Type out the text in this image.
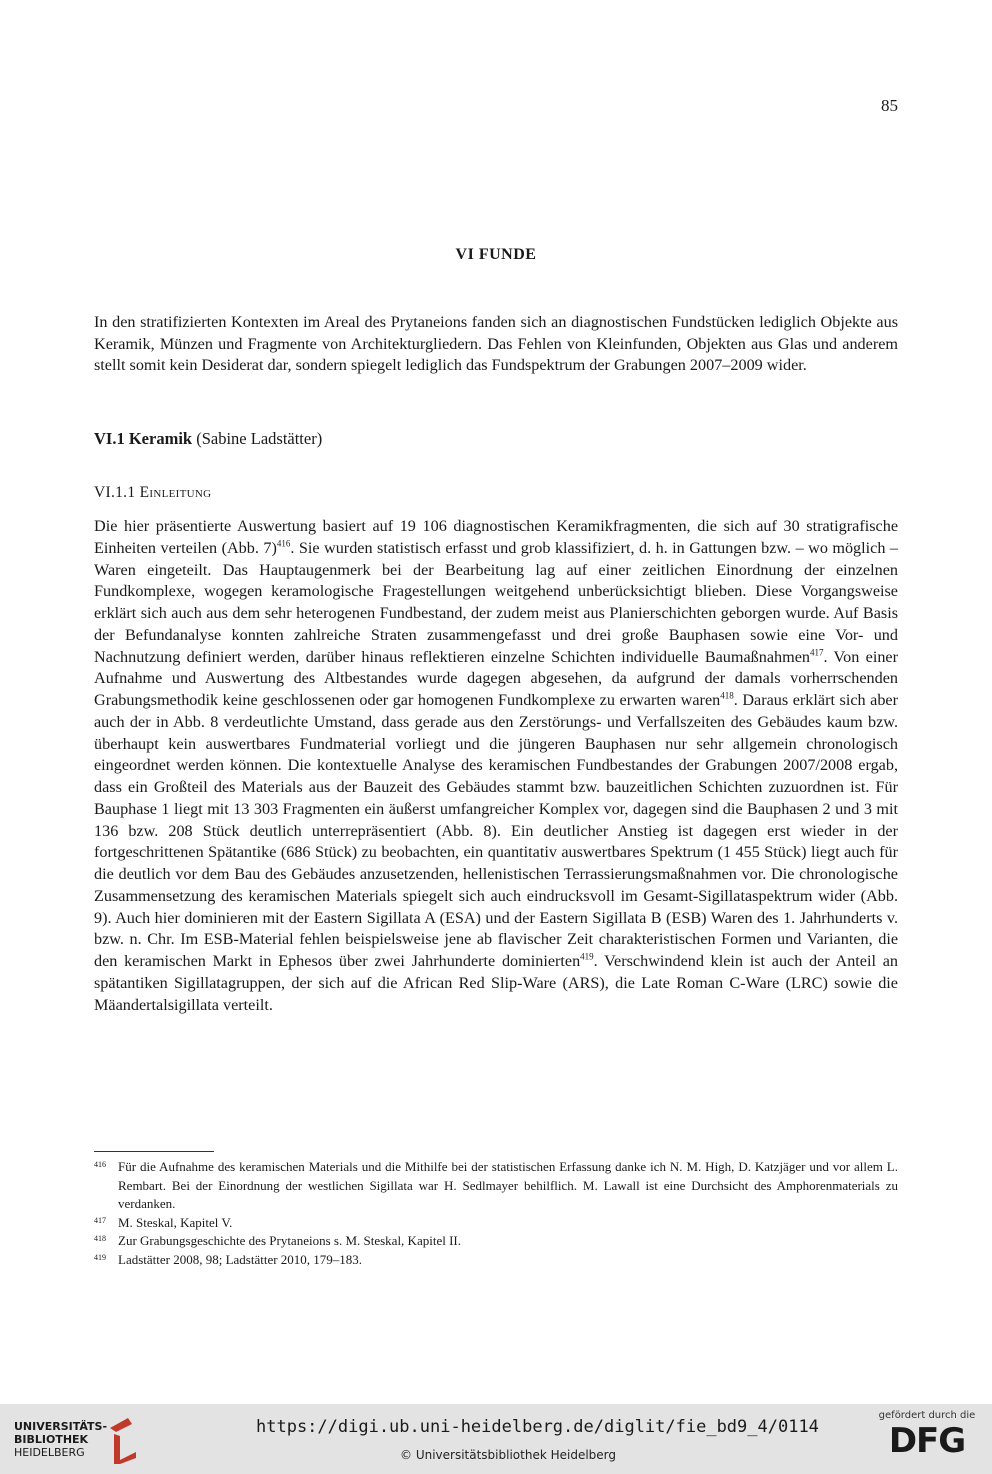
85
VI FUNDE

In den stratifizierten Kontexten im Areal des Prytaneions fanden sich an diagnostischen Fundstücken lediglich Objekte aus Keramik, Münzen und Fragmente von Architekturgliedern. Das Fehlen von Kleinfunden, Objekten aus Glas und anderem stellt somit kein Desiderat dar, sondern spiegelt lediglich das Fundspektrum der Grabungen 2007–2009 wider.

VI.1 Keramik (Sabine Ladstätter)
VI.1.1 Einleitung

Die hier präsentierte Auswertung basiert auf 19 106 diagnostischen Keramikfragmenten, die sich auf 30 stratigrafische Einheiten verteilen (Abb. 7)$^{416}$. Sie wurden statistisch erfasst und grob klassifiziert, d. h. in Gattungen bzw. – wo möglich – Waren eingeteilt. Das Hauptaugenmerk bei der Bearbeitung lag auf einer zeitlichen Einordnung der einzelnen Fundkomplexe, wogegen keramologische Fragestellungen weitgehend unberücksichtigt blieben. Diese Vorgangsweise erklärt sich auch aus dem sehr heterogenen Fundbestand, der zudem meist aus Planierschichten geborgen wurde. Auf Basis der Befundanalyse konnten zahlreiche Straten zusammengefasst und drei große Bauphasen sowie eine Vor- und Nachnutzung definiert werden, darüber hinaus reflektieren einzelne Schichten individuelle Baumaßnahmen$^{417}$. Von einer Aufnahme und Auswertung des Altbestandes wurde dagegen abgesehen, da aufgrund der damals vorherrschenden Grabungsmethodik keine geschlossenen oder gar homogenen Fundkomplexe zu erwarten waren$^{418}$. Daraus erklärt sich aber auch der in Abb. 8 verdeutlichte Umstand, dass gerade aus den Zerstörungs- und Verfallszeiten des Gebäudes kaum bzw. überhaupt kein auswertbares Fundmaterial vorliegt und die jüngeren Bauphasen nur sehr allgemein chronologisch eingeordnet werden können. Die kontextuelle Analyse des keramischen Fundbestandes der Grabungen 2007/2008 ergab, dass ein Großteil des Materials aus der Bauzeit des Gebäudes stammt bzw. bauzeitlichen Schichten zuzuordnen ist. Für Bauphase 1 liegt mit 13 303 Fragmenten ein äußerst umfangreicher Komplex vor, dagegen sind die Bauphasen 2 und 3 mit 136 bzw. 208 Stück deutlich unterrepräsentiert (Abb. 8). Ein deutlicher Anstieg ist dagegen erst wieder in der fortgeschrittenen Spätantike (686 Stück) zu beobachten, ein quantitativ auswertbares Spektrum (1 455 Stück) liegt auch für die deutlich vor dem Bau des Gebäudes anzusetzenden, hellenistischen Terrassierungsmaßnahmen vor. Die chronologische Zusammensetzung des keramischen Materials spiegelt sich auch eindrucksvoll im Gesamt-Sigillataspektrum wider (Abb. 9). Auch hier dominieren mit der Eastern Sigillata A (ESA) und der Eastern Sigillata B (ESB) Waren des 1. Jahrhunderts v. bzw. n. Chr. Im ESB-Material fehlen beispielsweise jene ab flavischer Zeit charakteristischen Formen und Varianten, die den keramischen Markt in Ephesos über zwei Jahrhunderte dominierten$^{419}$. Verschwindend klein ist auch der Anteil an spätantiken Sigillatagruppen, der sich auf die African Red Slip-Ware (ARS), die Late Roman C-Ware (LRC) sowie die Mäandertalsigillata verteilt.

416 Für die Aufnahme des keramischen Materials und die Mithilfe bei der statistischen Erfassung danke ich N. M. High, D. Katzjäger und vor allem L. Rembart. Bei der Einordnung der westlichen Sigillata war H. Sedlmayer behilflich. M. Lawall ist eine Durchsicht des Amphorenmaterials zu verdanken.
417 M. Steskal, Kapitel V.
418 Zur Grabungsgeschichte des Prytaneions s. M. Steskal, Kapitel II.
419 Ladstätter 2008, 98; Ladstätter 2010, 179–183.
UNIVERSITÄTS-
BIBLIOTHEK
HEIDELBERG
https://digi.ub.uni-heidelberg.de/diglit/fie_bd9_4/0114
© Universitätsbibliothek Heidelberg
gefördert durch die
DFG
